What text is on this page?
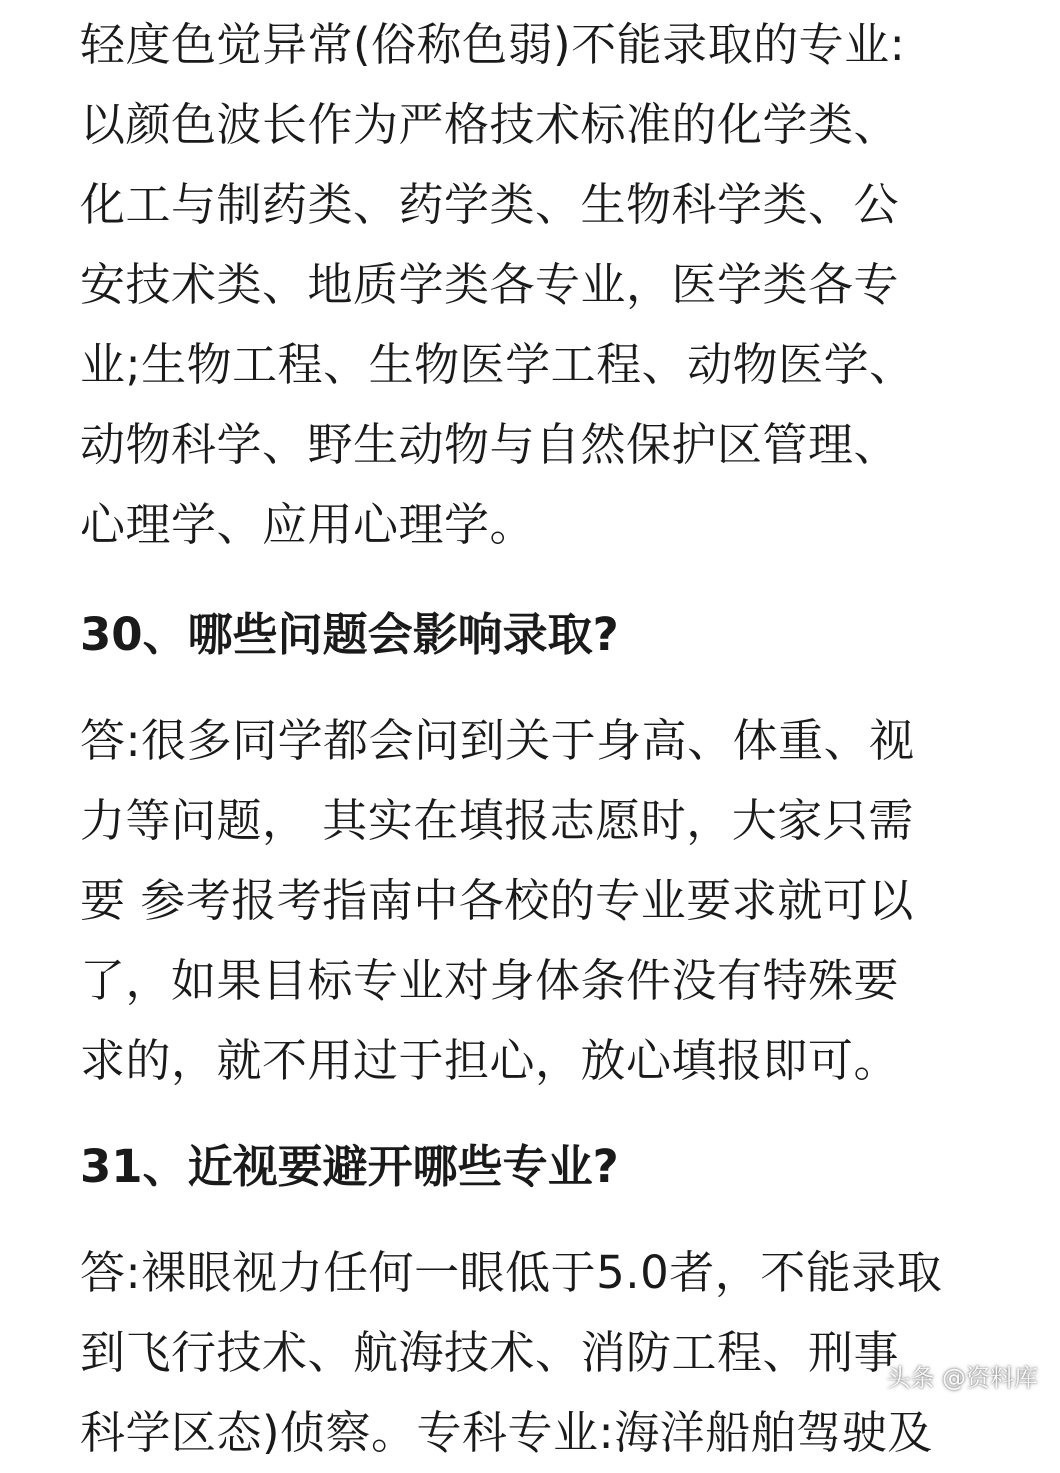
轻度色觉异常(俗称色弱)不能录取的专业:
以颜色波长作为严格技术标准的化学类、
化工与制药类、药学类、生物科学类、公
安技术类、地质学类各专业，医学类各专
业;生物工程、生物医学工程、动物医学、
动物科学、野生动物与自然保护区管理、
心理学、应用心理学。

30、哪些问题会影响录取?

答:很多同学都会问到关于身高、体重、视
力等问题， 其实在填报志愿时，大家只需
要 参考报考指南中各校的专业要求就可以
了，如果目标专业对身体条件没有特殊要
求的，就不用过于担心，放心填报即可。

31、近视要避开哪些专业?

答:裸眼视力任何一眼低于5.0者，不能录取
到飞行技术、航海技术、消防工程、刑事
科学区态)侦察。专科专业:海洋船舶驾驶及

头条 @资料库
